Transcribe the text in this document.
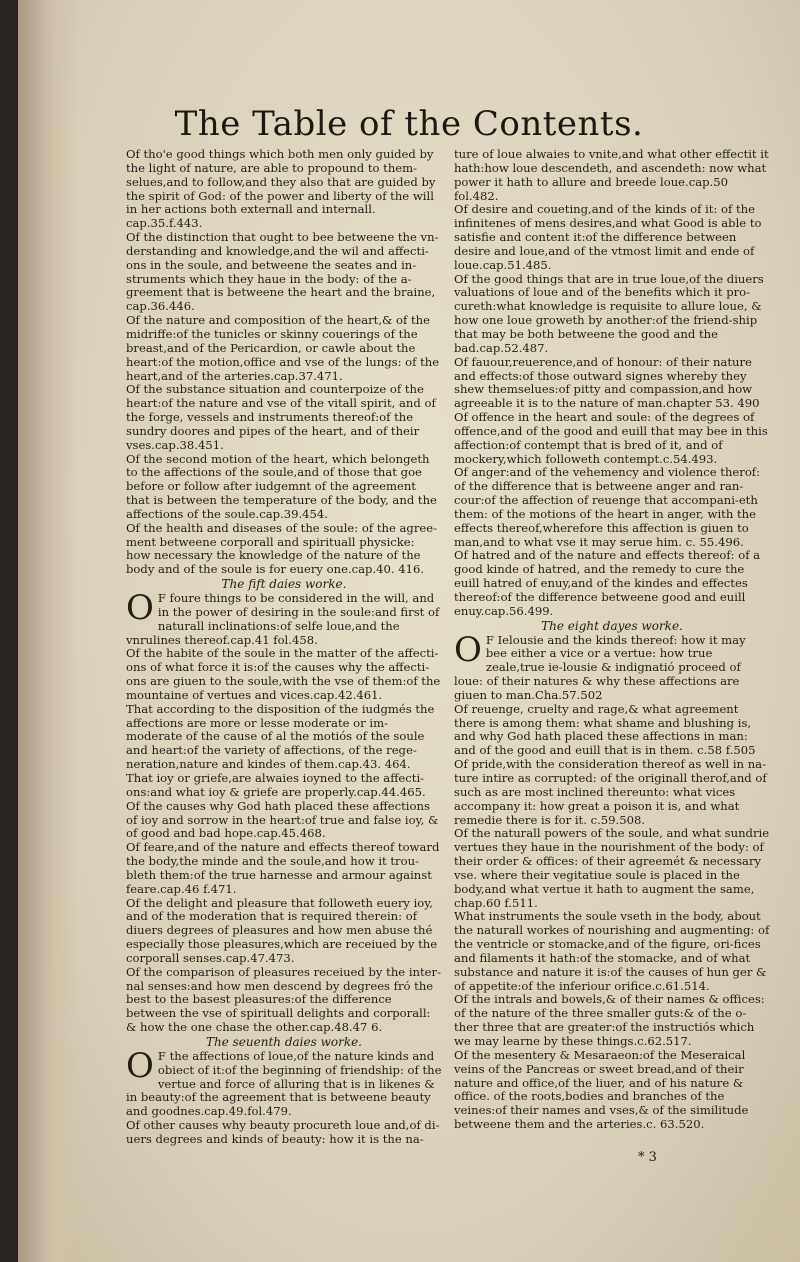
The Table of the Contents.
Of tho'e good things which both men only guided by the light of nature, are able to propound to them-selues,and to follow,and they also that are guided by the spirit of God: of the power and liberty of the will in her actions both externall and internall. cap.35.f.443.
Of the distinction that ought to bee betweene the vn-derstanding and knowledge,and the wil and affecti-ons in the soule, and betweene the seates and in-struments which they haue in the body: of the a-greement that is betweene the heart and the braine, cap.36.446.
Of the nature and composition of the heart,& of the midriffe:of the tunicles or skinny couerings of the breast,and of the Pericardion, or cawle about the heart:of the motion,office and vse of the lungs: of the heart,and of the arteries.cap.37.471.
Of the substance situation and counterpoize of the heart:of the nature and vse of the vitall spirit, and of the forge, vessels and instruments thereof:of the sundry doores and pipes of the heart, and of their vses.cap.38.451.
Of the second motion of the heart, which belongeth to the affections of the soule,and of those that goe before or follow after iudgemnt of the agreement that is between the temperature of the body, and the affections of the soule.cap.39.454.
Of the health and diseases of the soule: of the agree-ment betweene corporall and spirituall physicke: how necessary the knowledge of the nature of the body and of the soule is for euery one.cap.40. 416.
The fift daies worke.
O F foure things to be considered in the will, and in the power of desiring in the soule:and first of naturall inclinations:of selfe loue,and the vnrulines thereof.cap.41 fol.458.
Of the habite of the soule in the matter of the affecti-ons of what force it is:of the causes why the affecti-ons are giuen to the soule,with the vse of them:of the mountaine of vertues and vices.cap.42.461.
That according to the disposition of the iudgmés the affections are more or lesse moderate or im-moderate of the cause of al the motiós of the soule and heart:of the variety of affections, of the rege-neration,nature and kindes of them.cap.43. 464.
That ioy or griefe,are alwaies ioyned to the affecti-ons:and what ioy & griefe are properly.cap.44.465.
Of the causes why God hath placed these affections of ioy and sorrow in the heart:of true and false ioy, & of good and bad hope.cap.45.468.
Of feare,and of the nature and effects thereof toward the body,the minde and the soule,and how it trou-bleth them:of the true harnesse and armour against feare.cap.46 f.471.
Of the delight and pleasure that followeth euery ioy, and of the moderation that is required therein: of diuers degrees of pleasures and how men abuse thé especially those pleasures,which are receiued by the corporall senses.cap.47.473.
Of the comparison of pleasures receiued by the inter-nal senses:and how men descend by degrees fró the best to the basest pleasures:of the difference between the vse of spirituall delights and corporall: & how the one chase the other.cap.48.47 6.
The seuenth daies worke.
O F the affections of loue,of the nature kinds and obiect of it:of the beginning of friendship: of the vertue and force of alluring that is in likenes & in beauty:of the agreement that is betweene beauty and goodnes.cap.49.fol.479.
Of other causes why beauty procureth loue and,of di-uers degrees and kinds of beauty: how it is the na-
ture of loue alwaies to vnite,and what other effectit it hath:how loue descendeth, and ascendeth: now what power it hath to allure and breede loue.cap.50 fol.482.
Of desire and coueting,and of the kinds of it: of the infinitenes of mens desires,and what Good is able to satisfie and content it:of the difference between desire and loue,and of the vtmost limit and ende of loue.cap.51.485.
Of the good things that are in true loue,of the diuers valuations of loue and of the benefits which it pro-cureth:what knowledge is requisite to allure loue, & how one loue groweth by another:of the friend-ship that may be both betweene the good and the bad.cap.52.487.
Of fauour,reuerence,and of honour: of their nature and effects:of those outward signes whereby they shew themselues:of pitty and compassion,and how agreeable it is to the nature of man.chapter 53. 490
Of offence in the heart and soule: of the degrees of offence,and of the good and euill that may bee in this affection:of contempt that is bred of it, and of mockery,which followeth contempt.c.54.493.
Of anger:and of the vehemency and violence therof: of the difference that is betweene anger and ran-cour:of the affection of reuenge that accompani-eth them: of the motions of the heart in anger, with the effects thereof,wherefore this affection is giuen to man,and to what vse it may serue him. c. 55.496.
Of hatred and of the nature and effects thereof: of a good kinde of hatred, and the remedy to cure the euill hatred of enuy,and of the kindes and effectes thereof:of the difference betweene good and euill enuy.cap.56.499.
The eight dayes worke.
O F Ielousie and the kinds thereof: how it may bee either a vice or a vertue: how true zeale,true ie-lousie & indignatió proceed of loue: of their natures & why these affections are giuen to man.Cha.57.502
Of reuenge, cruelty and rage,& what agreement there is among them: what shame and blushing is, and why God hath placed these affections in man: and of the good and euill that is in them. c.58 f.505
Of pride,with the consideration thereof as well in na-ture intire as corrupted: of the originall therof,and of such as are most inclined thereunto: what vices accompany it: how great a poison it is, and what remedie there is for it. c.59.508.
Of the naturall powers of the soule, and what sundrie vertues they haue in the nourishment of the body: of their order & offices: of their agreemét & necessary vse. where their vegitatiue soule is placed in the body,and what vertue it hath to augment the same, chap.60 f.511.
What instruments the soule vseth in the body, about the naturall workes of nourishing and augmenting: of the ventricle or stomacke,and of the figure, ori-fices and filaments it hath:of the stomacke, and of what substance and nature it is:of the causes of hun ger & of appetite:of the inferiour orifice.c.61.514.
Of the intrals and bowels,& of their names & offices: of the nature of the three smaller guts:& of the o-ther three that are greater:of the instructiós which we may learne by these things.c.62.517.
Of the mesentery & Mesaraeon:of the Meseraical veins of the Pancreas or sweet bread,and of their nature and office,of the liuer, and of his nature & office. of the roots,bodies and branches of the veines:of their names and vses,& of the similitude betweene them and the arteries.c. 63.520.
* 3
